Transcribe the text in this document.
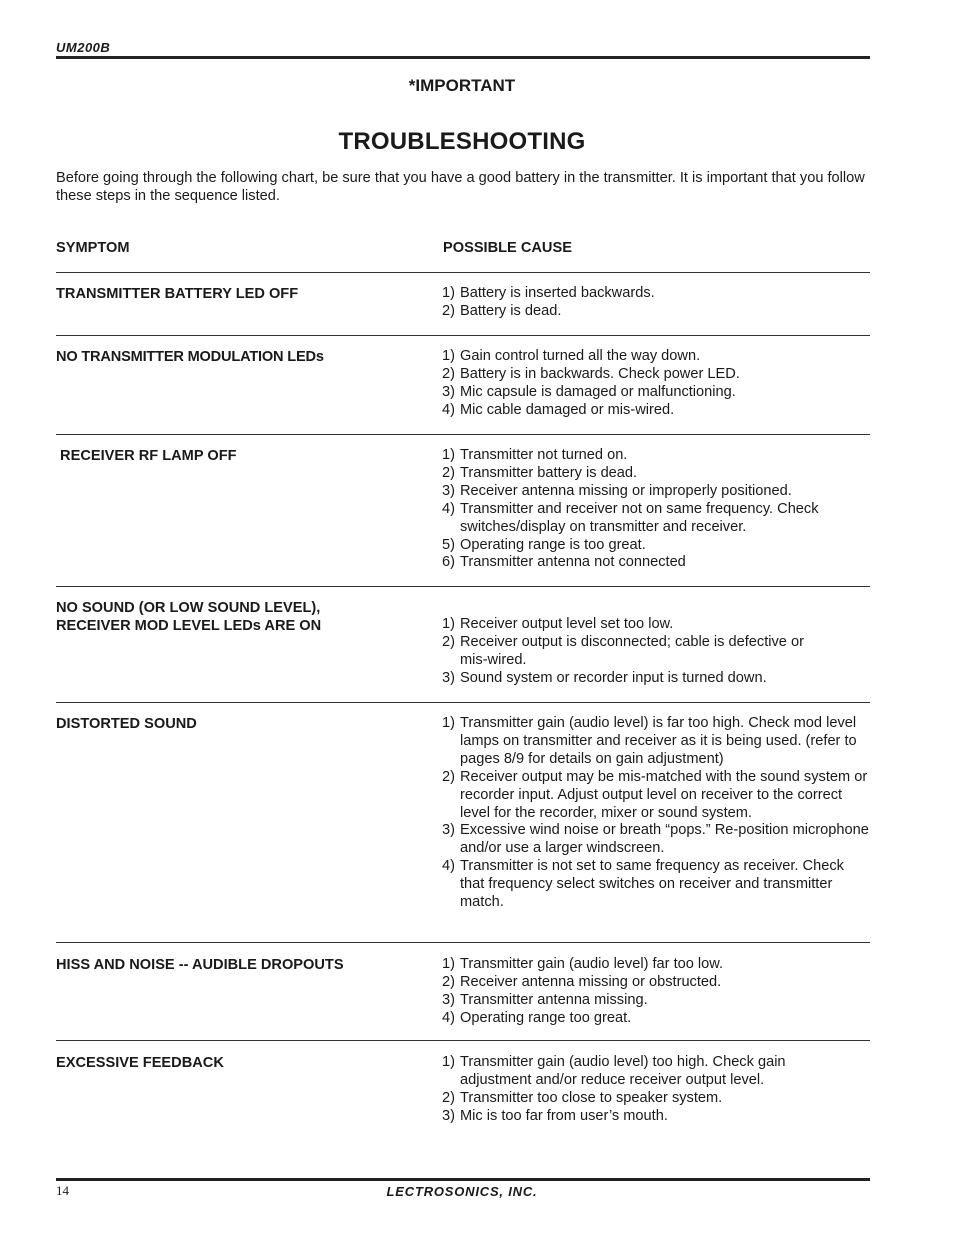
UM200B
*IMPORTANT
TROUBLESHOOTING
Before going through the following chart, be sure that you have a good battery in the transmitter. It is important that you follow these steps in the sequence listed.
SYMPTOM	POSSIBLE CAUSE
TRANSMITTER BATTERY LED OFF	1) Battery is inserted backwards.
2) Battery is dead.
NO TRANSMITTER MODULATION LEDs	1) Gain control turned all the way down.
2) Battery is in backwards. Check power LED.
3) Mic capsule is damaged or malfunctioning.
4) Mic cable damaged or mis-wired.
RECEIVER RF LAMP OFF	1) Transmitter not turned on.
2) Transmitter battery is dead.
3) Receiver antenna missing or improperly positioned.
4) Transmitter and receiver not on same frequency. Check switches/display on transmitter and receiver.
5) Operating range is too great.
6) Transmitter antenna not connected
NO SOUND (OR LOW SOUND LEVEL), RECEIVER MOD LEVEL LEDs ARE ON	1) Receiver output level set too low.
2) Receiver output is disconnected; cable is defective or mis-wired.
3) Sound system or recorder input is turned down.
DISTORTED SOUND	1) Transmitter gain (audio level) is far too high. Check mod level lamps on transmitter and receiver as it is being used. (refer to pages 8/9 for details on gain adjustment)
2) Receiver output may be mis-matched with the sound system or recorder input. Adjust output level on receiver to the correct level for the recorder, mixer or sound system.
3) Excessive wind noise or breath “pops.” Re-position microphone and/or use a larger windscreen.
4) Transmitter is not set to same frequency as receiver. Check that frequency select switches on receiver and transmitter match.
HISS AND NOISE -- AUDIBLE DROPOUTS	1) Transmitter gain (audio level) far too low.
2) Receiver antenna missing or obstructed.
3) Transmitter antenna missing.
4) Operating range too great.
EXCESSIVE FEEDBACK	1) Transmitter gain (audio level) too high. Check gain adjustment and/or reduce receiver output level.
2) Transmitter too close to speaker system.
3) Mic is too far from user’s mouth.
14	LECTROSONICS, INC.
